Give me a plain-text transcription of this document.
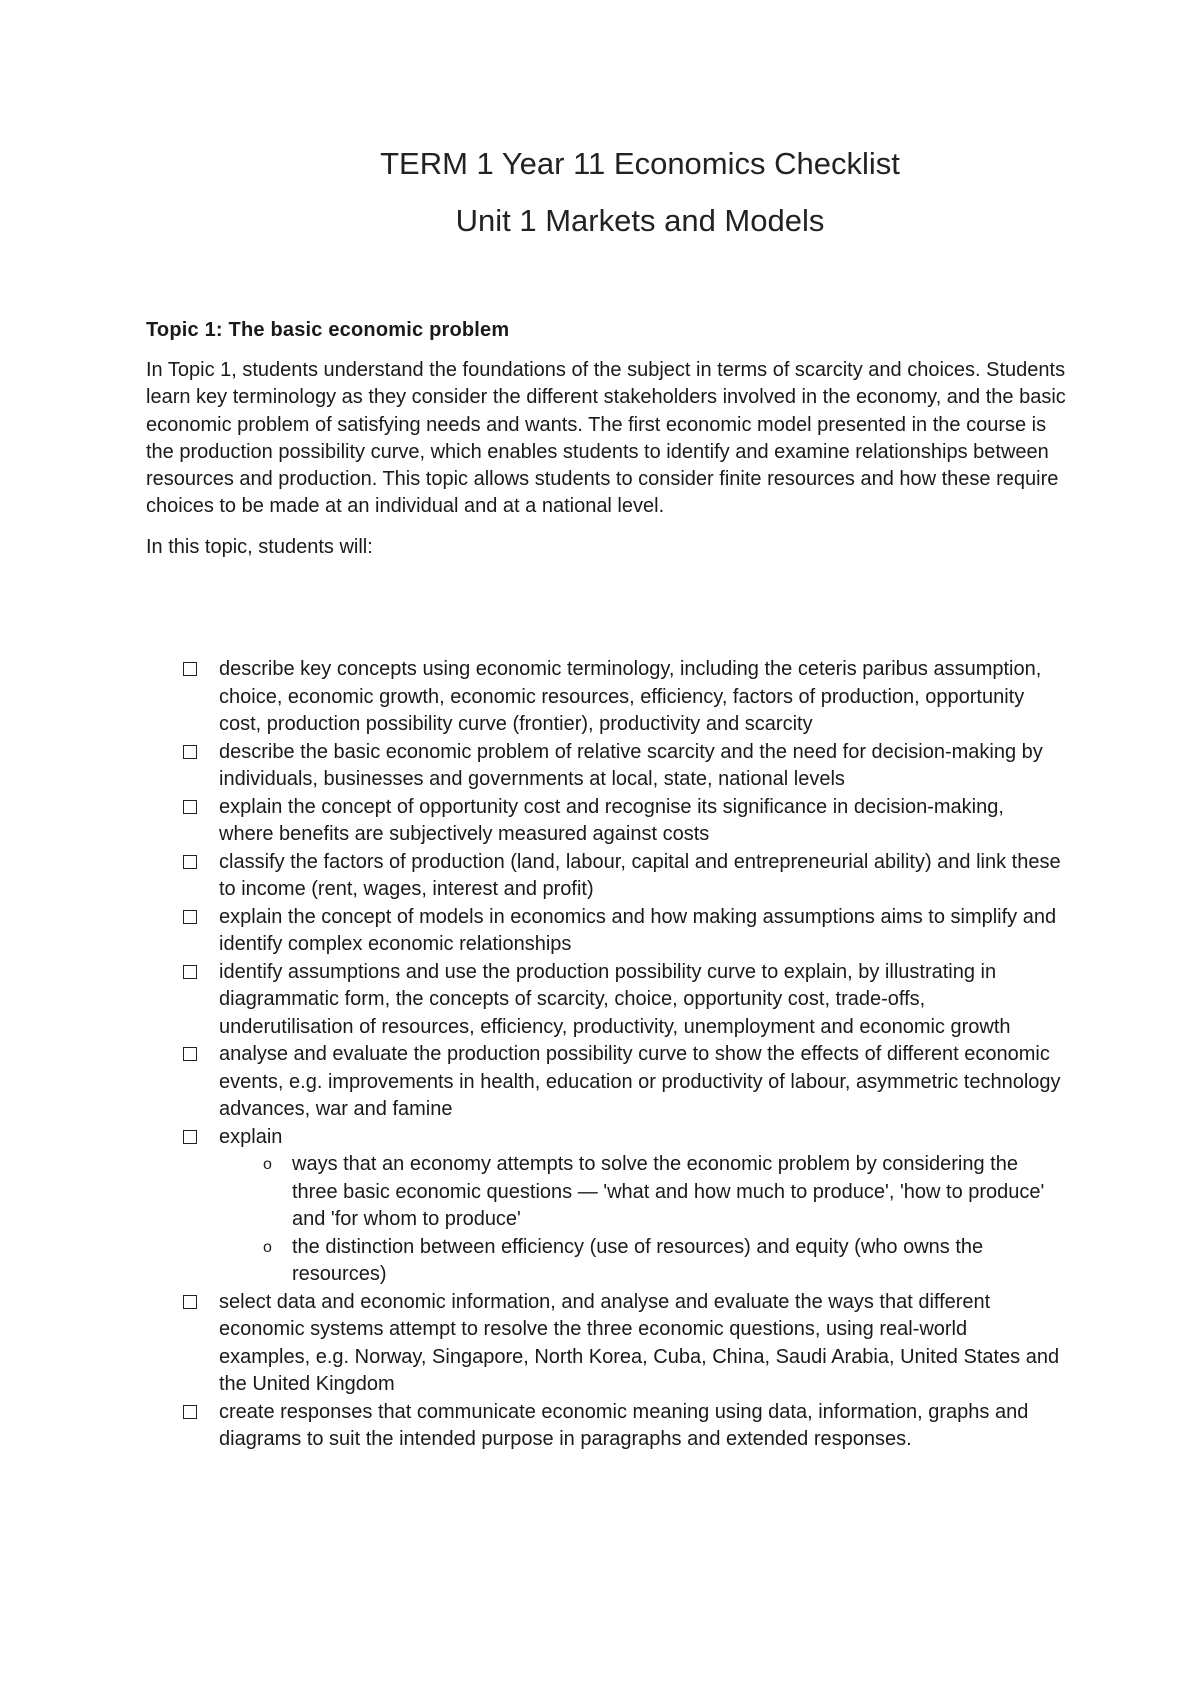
TERM 1 Year 11 Economics Checklist
Unit 1 Markets and Models
Topic 1: The basic economic problem

In Topic 1, students understand the foundations of the subject in terms of scarcity and choices. Students learn key terminology as they consider the different stakeholders involved in the economy, and the basic economic problem of satisfying needs and wants. The first economic model presented in the course is the production possibility curve, which enables students to identify and examine relationships between resources and production. This topic allows students to consider finite resources and how these require choices to be made at an individual and at a national level.

In this topic, students will:

describe key concepts using economic terminology, including the ceteris paribus assumption, choice, economic growth, economic resources, efficiency, factors of production, opportunity cost, production possibility curve (frontier), productivity and scarcity
describe the basic economic problem of relative scarcity and the need for decision-making by individuals, businesses and governments at local, state, national levels
explain the concept of opportunity cost and recognise its significance in decision-making, where benefits are subjectively measured against costs
classify the factors of production (land, labour, capital and entrepreneurial ability) and link these to income (rent, wages, interest and profit)
explain the concept of models in economics and how making assumptions aims to simplify and identify complex economic relationships
identify assumptions and use the production possibility curve to explain, by illustrating in diagrammatic form, the concepts of scarcity, choice, opportunity cost, trade-offs, underutilisation of resources, efficiency, productivity, unemployment and economic growth
analyse and evaluate the production possibility curve to show the effects of different economic events, e.g. improvements in health, education or productivity of labour, asymmetric technology advances, war and famine
explain
o ways that an economy attempts to solve the economic problem by considering the three basic economic questions — 'what and how much to produce', 'how to produce' and 'for whom to produce'
o the distinction between efficiency (use of resources) and equity (who owns the resources)
select data and economic information, and analyse and evaluate the ways that different economic systems attempt to resolve the three economic questions, using real-world examples, e.g. Norway, Singapore, North Korea, Cuba, China, Saudi Arabia, United States and the United Kingdom
create responses that communicate economic meaning using data, information, graphs and diagrams to suit the intended purpose in paragraphs and extended responses.
